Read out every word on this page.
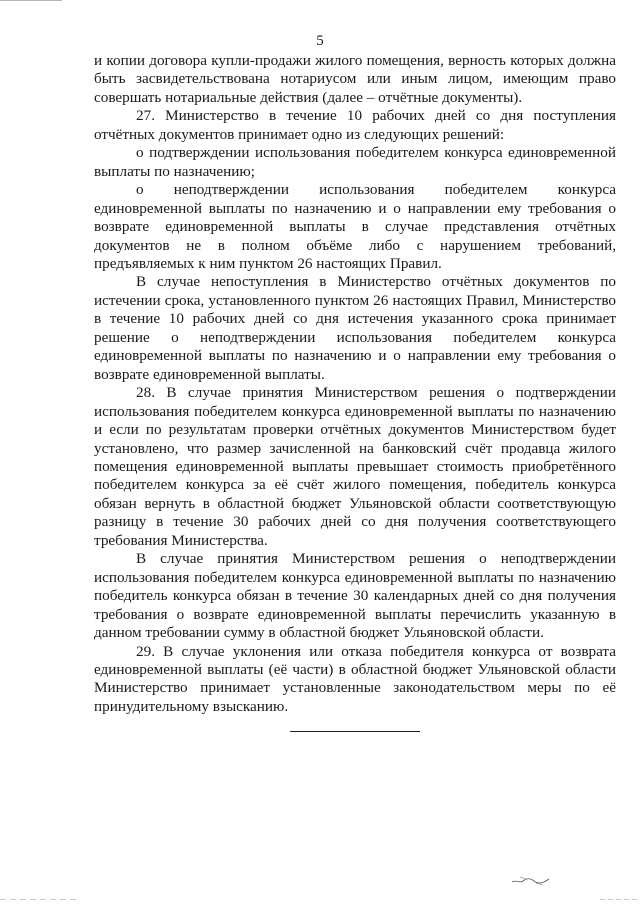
5

и копии договора купли-продажи жилого помещения, верность которых должна быть засвидетельствована нотариусом или иным лицом, имеющим право совершать нотариальные действия (далее – отчётные документы).

27. Министерство в течение 10 рабочих дней со дня поступления отчётных документов принимает одно из следующих решений:

о подтверждении использования победителем конкурса единовременной выплаты по назначению;

о неподтверждении использования победителем конкурса единовременной выплаты по назначению и о направлении ему требования о возврате единовременной выплаты в случае представления отчётных документов не в полном объёме либо с нарушением требований, предъявляемых к ним пунктом 26 настоящих Правил.

В случае непоступления в Министерство отчётных документов по истечении срока, установленного пунктом 26 настоящих Правил, Министерство в течение 10 рабочих дней со дня истечения указанного срока принимает решение о неподтверждении использования победителем конкурса единовременной выплаты по назначению и о направлении ему требования о возврате единовременной выплаты.

28. В случае принятия Министерством решения о подтверждении использования победителем конкурса единовременной выплаты по назначению и если по результатам проверки отчётных документов Министерством будет установлено, что размер зачисленной на банковский счёт продавца жилого помещения единовременной выплаты превышает стоимость приобретённого победителем конкурса за её счёт жилого помещения, победитель конкурса обязан вернуть в областной бюджет Ульяновской области соответствующую разницу в течение 30 рабочих дней со дня получения соответствующего требования Министерства.

В случае принятия Министерством решения о неподтверждении использования победителем конкурса единовременной выплаты по назначению победитель конкурса обязан в течение 30 календарных дней со дня получения требования о возврате единовременной выплаты перечислить указанную в данном требовании сумму в областной бюджет Ульяновской области.

29. В случае уклонения или отказа победителя конкурса от возврата единовременной выплаты (её части) в областной бюджет Ульяновской области Министерство принимает установленные законодательством меры по её принудительному взысканию.
